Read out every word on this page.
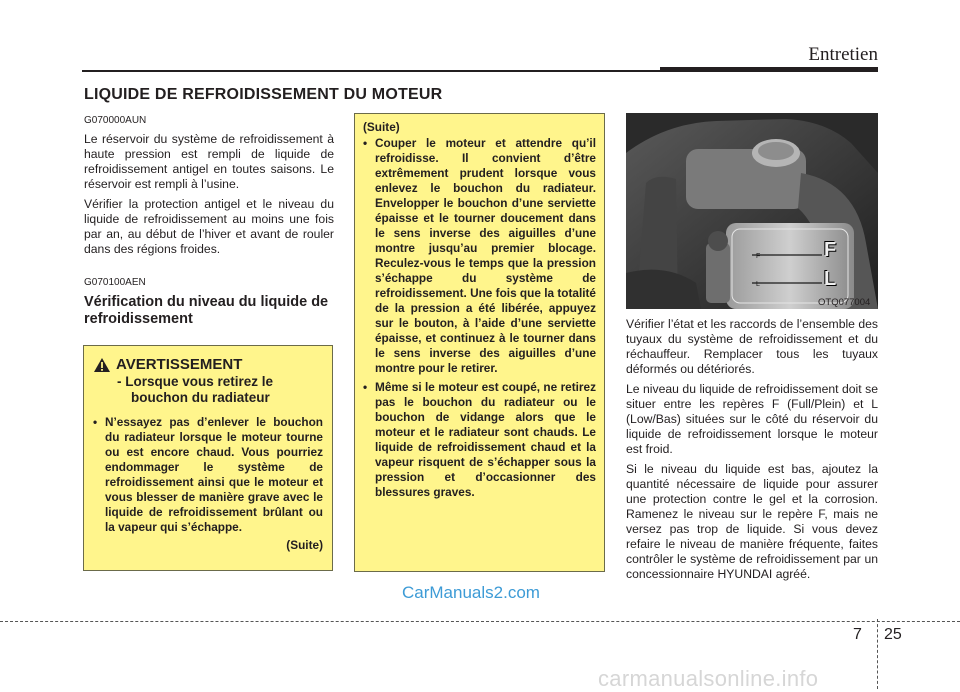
Entretien
LIQUIDE DE REFROIDISSEMENT DU MOTEUR

G070000AUN

Le réservoir du système de refroidissement à haute pression est rempli de liquide de refroidissement antigel en toutes saisons. Le réservoir est rempli à l’usine.

Vérifier la protection antigel et le niveau du liquide de refroidissement au moins une fois par an, au début de l’hiver et avant de rouler dans des régions froides.

G070100AEN

Vérification du niveau du liquide de refroidissement

AVERTISSEMENT
- Lorsque vous retirez le
bouchon du radiateur
• N’essayez pas d’enlever le bouchon du radiateur lorsque le moteur tourne ou est encore chaud. Vous pourriez endommager le système de refroidissement ainsi que le moteur et vous blesser de manière grave avec le liquide de refroidissement brûlant ou la vapeur qui s’échappe.
(Suite)
(Suite)
• Couper le moteur et attendre qu’il refroidisse. Il convient d’être extrêmement prudent lorsque vous enlevez le bouchon du radiateur. Envelopper le bouchon d’une serviette épaisse et le tourner doucement dans le sens inverse des aiguilles d’une montre jusqu’au premier blocage. Reculez-vous le temps que la pression s’échappe du système de refroidissement. Une fois que la totalité de la pression a été libérée, appuyez sur le bouton, à l’aide d’une serviette épaisse, et continuez à le tourner dans le sens inverse des aiguilles d’une montre pour le retirer.
• Même si le moteur est coupé, ne retirez pas le bouchon du radiateur ou le bouchon de vidange alors que le moteur et le radiateur sont chauds. Le liquide de refroidissement chaud et la vapeur risquent de s’échapper sous la pression et d’occasionner des blessures graves.
F
L
F
L
OTQ077004

Vérifier l’état et les raccords de l’ensemble des tuyaux du système de refroidissement et du réchauffeur. Remplacer tous les tuyaux déformés ou détériorés.

Le niveau du liquide de refroidissement doit se situer entre les repères F (Full/Plein) et L (Low/Bas) situées sur le côté du réservoir du liquide de refroidissement lorsque le moteur est froid.

Si le niveau du liquide est bas, ajoutez la quantité nécessaire de liquide pour assurer une protection contre le gel et la corrosion. Ramenez le niveau sur le repère F, mais ne versez pas trop de liquide. Si vous devez refaire le niveau de manière fréquente, faites contrôler le système de refroidissement par un concessionnaire HYUNDAI agréé.

CarManuals2.com
7 25
carmanualsonline.info
